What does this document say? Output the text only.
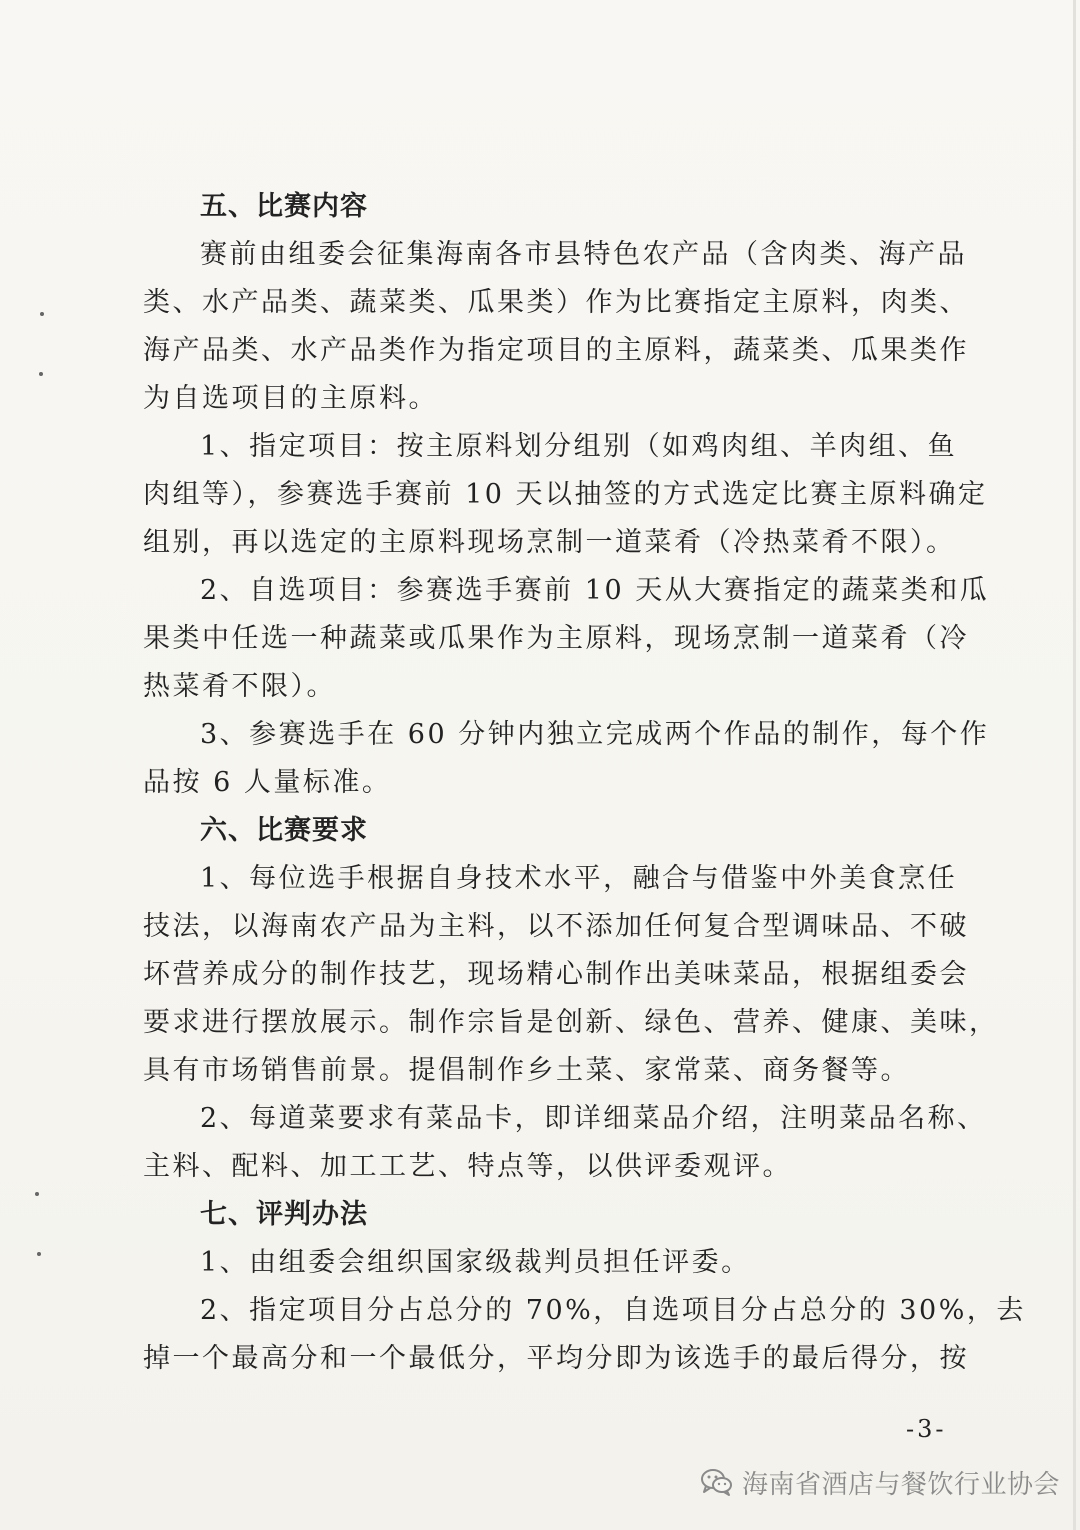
五、比赛内容
赛前由组委会征集海南各市县特色农产品（含肉类、海产品
类、水产品类、蔬菜类、瓜果类）作为比赛指定主原料，肉类、
海产品类、水产品类作为指定项目的主原料，蔬菜类、瓜果类作
为自选项目的主原料。
1、指定项目：按主原料划分组别（如鸡肉组、羊肉组、鱼
肉组等），参赛选手赛前 10 天以抽签的方式选定比赛主原料确定
组别，再以选定的主原料现场烹制一道菜肴（冷热菜肴不限）。
2、自选项目：参赛选手赛前 10 天从大赛指定的蔬菜类和瓜
果类中任选一种蔬菜或瓜果作为主原料，现场烹制一道菜肴（冷
热菜肴不限）。
3、参赛选手在 60 分钟内独立完成两个作品的制作，每个作
品按 6 人量标准。
六、比赛要求
1、每位选手根据自身技术水平，融合与借鉴中外美食烹任
技法，以海南农产品为主料，以不添加任何复合型调味品、不破
坏营养成分的制作技艺，现场精心制作出美味菜品，根据组委会
要求进行摆放展示。制作宗旨是创新、绿色、营养、健康、美味，
具有市场销售前景。提倡制作乡土菜、家常菜、商务餐等。
2、每道菜要求有菜品卡，即详细菜品介绍，注明菜品名称、
主料、配料、加工工艺、特点等，以供评委观评。
七、评判办法
1、由组委会组织国家级裁判员担任评委。
2、指定项目分占总分的 70%，自选项目分占总分的 30%，去
掉一个最高分和一个最低分，平均分即为该选手的最后得分，按
-3-
海南省酒店与餐饮行业协会
